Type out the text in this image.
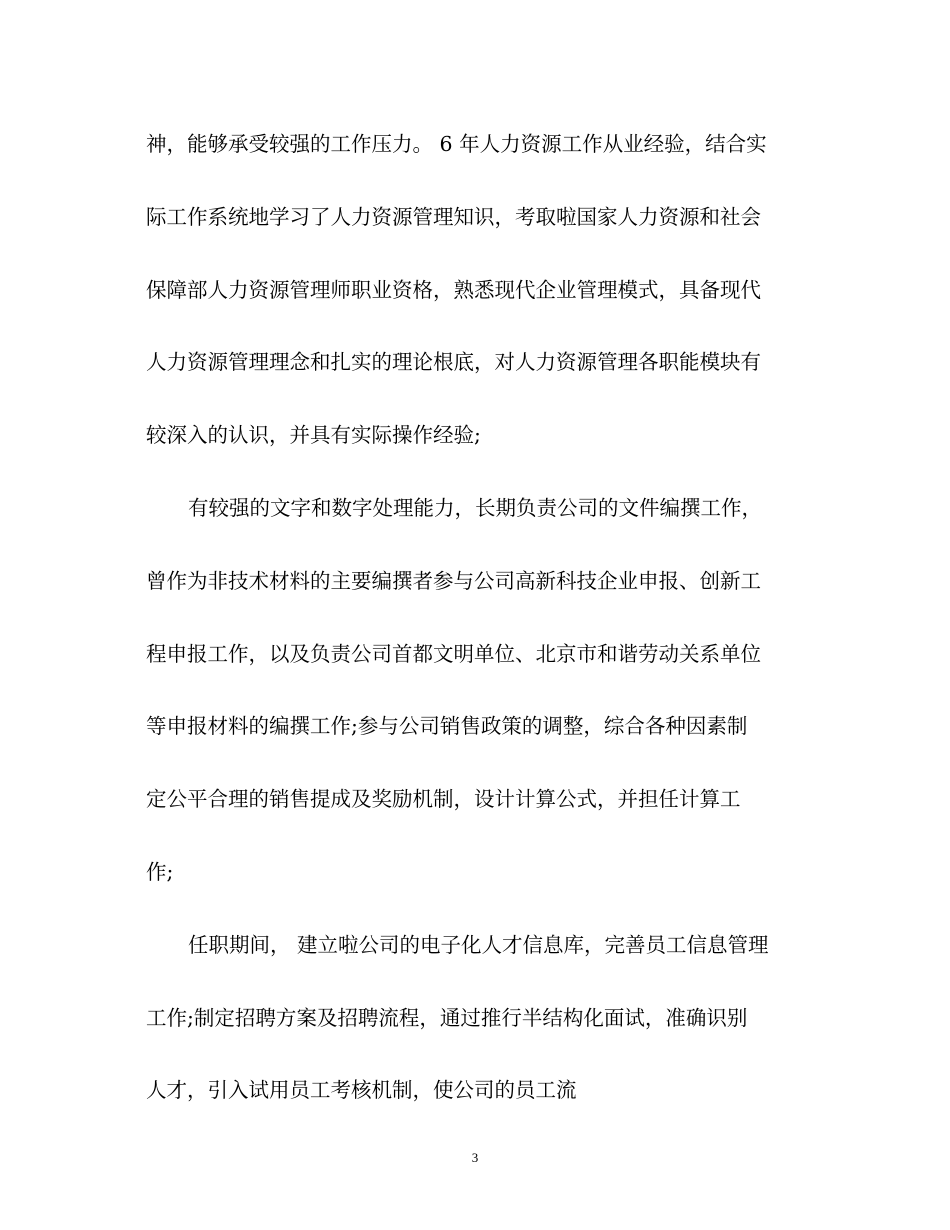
神，能够承受较强的工作压力。 6 年人力资源工作从业经验，结合实
际工作系统地学习了人力资源管理知识，考取啦国家人力资源和社会
保障部人力资源管理师职业资格，熟悉现代企业管理模式，具备现代
人力资源管理理念和扎实的理论根底，对人力资源管理各职能模块有
较深入的认识，并具有实际操作经验;
有较强的文字和数字处理能力，长期负责公司的文件编撰工作，
曾作为非技术材料的主要编撰者参与公司高新科技企业申报、创新工
程申报工作，以及负责公司首都文明单位、北京市和谐劳动关系单位
等申报材料的编撰工作;参与公司销售政策的调整，综合各种因素制
定公平合理的销售提成及奖励机制，设计计算公式，并担任计算工
作;
任职期间， 建立啦公司的电子化人才信息库，完善员工信息管理
工作;制定招聘方案及招聘流程，通过推行半结构化面试，准确识别
人才，引入试用员工考核机制，使公司的员工流
3
